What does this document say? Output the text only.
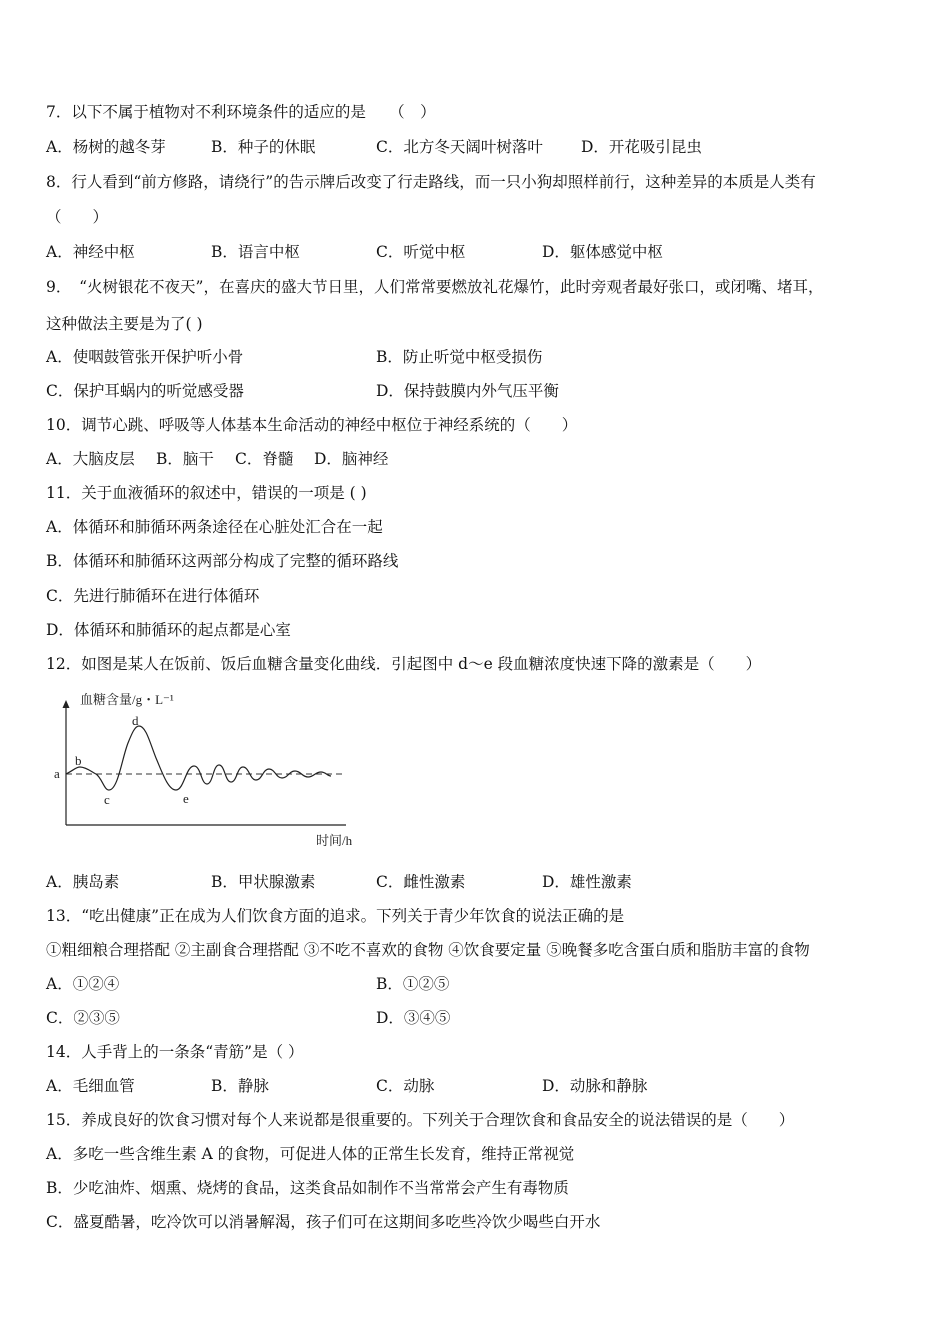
7．以下不属于植物对不利环境条件的适应的是　　（　）
A．杨树的越冬芽	B．种子的休眠	C．北方冬天阔叶树落叶 D．开花吸引昆虫
8．行人看到“前方修路，请绕行”的告示牌后改变了行走路线，而一只小狗却照样前行，这种差异的本质是人类有
（　　）
A．神经中枢	B．语言中枢	C．听觉中枢	D．躯体感觉中枢
9．　“火树银花不夜天”，在喜庆的盛大节日里，人们常常要燃放礼花爆竹，此时旁观者最好张口，或闭嘴、堵耳，
这种做法主要是为了( )
A．使咽鼓管张开保护听小骨	B．防止听觉中枢受损伤
C．保护耳蜗内的听觉感受器	D．保持鼓膜内外气压平衡
10．调节心跳、呼吸等人体基本生命活动的神经中枢位于神经系统的（　　）
A．大脑皮层 B．脑干 C．脊髓 D．脑神经
11．关于血液循环的叙述中，错误的一项是 ( )
A．体循环和肺循环两条途径在心脏处汇合在一起
B．体循环和肺循环这两部分构成了完整的循环路线
C．先进行肺循环在进行体循环
D．体循环和肺循环的起点都是心室
12．如图是某人在饭前、饭后血糖含量变化曲线．引起图中 d～e 段血糖浓度快速下降的激素是（　　）
血糖含量/g・L⁻¹
时间/h
a
b
c
d
e
A．胰岛素	B．甲状腺激素	C．雌性激素	D．雄性激素
13．“吃出健康”正在成为人们饮食方面的追求。下列关于青少年饮食的说法正确的是
①粗细粮合理搭配 ②主副食合理搭配 ③不吃不喜欢的食物 ④饮食要定量 ⑤晚餐多吃含蛋白质和脂肪丰富的食物
A．①②④	B．①②⑤
C．②③⑤	D．③④⑤
14．人手背上的一条条“青筋”是（ ）
A．毛细血管	B．静脉	C．动脉	D．动脉和静脉
15．养成良好的饮食习惯对每个人来说都是很重要的。下列关于合理饮食和食品安全的说法错误的是（　　）
A．多吃一些含维生素 A 的食物，可促进人体的正常生长发育，维持正常视觉
B．少吃油炸、烟熏、烧烤的食品，这类食品如制作不当常常会产生有毒物质
C．盛夏酷暑，吃冷饮可以消暑解渴，孩子们可在这期间多吃些冷饮少喝些白开水
